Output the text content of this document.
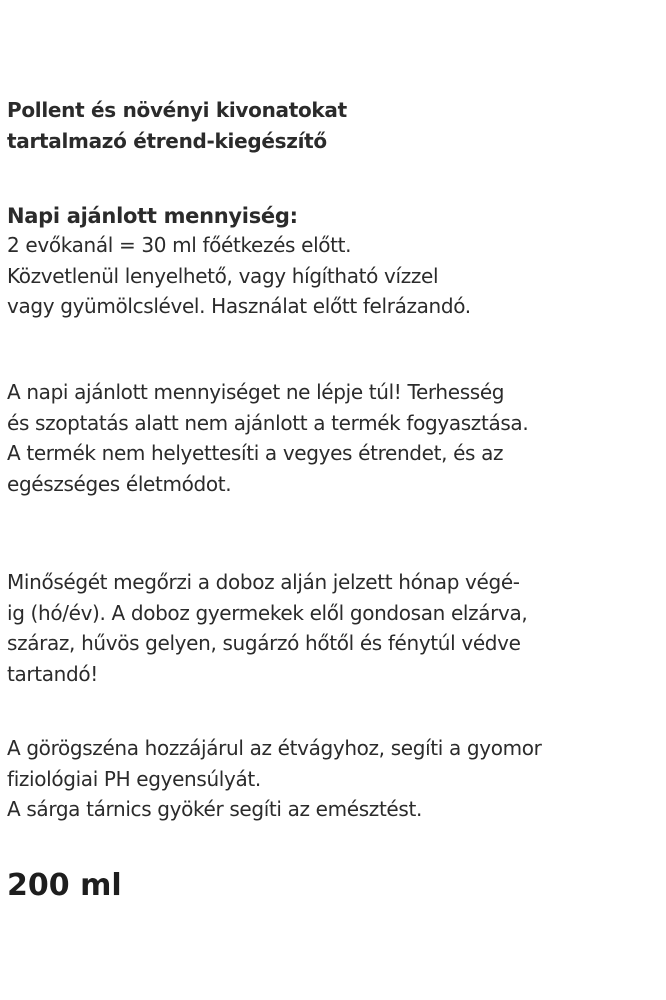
Pollent és növényi kivonatokat
tartalmazó étrend-kiegészítő
Napi ajánlott mennyiség:

2 evőkanál = 30 ml főétkezés előtt.
Közvetlenül lenyelhető, vagy hígítható vízzel
vagy gyümölcslével. Használat előtt felrázandó.

A napi ajánlott mennyiséget ne lépje túl! Terhesség
és szoptatás alatt nem ajánlott a termék fogyasztása.
A termék nem helyettesíti a vegyes étrendet, és az
egészséges életmódot.

Minőségét megőrzi a doboz alján jelzett hónap végé-
ig (hó/év). A doboz gyermekek elől gondosan elzárva,
száraz, hűvös gelyen, sugárzó hőtől és fénytúl védve
tartandó!

A görögszéna hozzájárul az étvágyhoz, segíti a gyomor
fiziológiai PH egyensúlyát.
A sárga tárnics gyökér segíti az emésztést.

200 ml
